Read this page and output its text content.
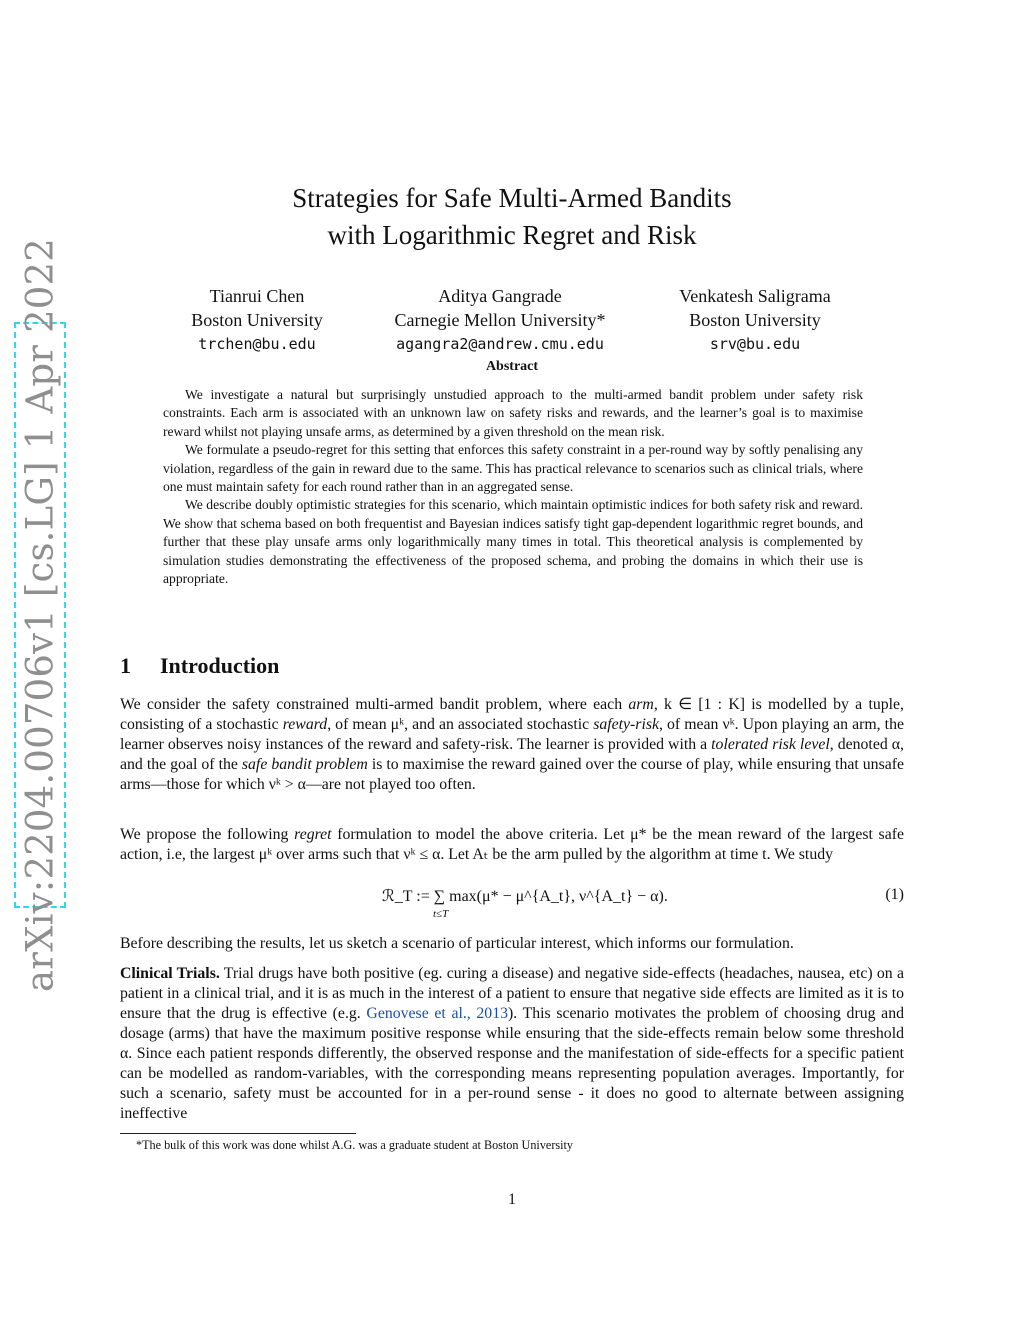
arXiv:2204.00706v1 [cs.LG] 1 Apr 2022
Strategies for Safe Multi-Armed Bandits
with Logarithmic Regret and Risk
Tianrui Chen
Boston University
trchen@bu.edu
Aditya Gangrade
Carnegie Mellon University*
agangra2@andrew.cmu.edu
Venkatesh Saligrama
Boston University
srv@bu.edu
Abstract

We investigate a natural but surprisingly unstudied approach to the multi-armed bandit problem under safety risk constraints. Each arm is associated with an unknown law on safety risks and rewards, and the learner’s goal is to maximise reward whilst not playing unsafe arms, as determined by a given threshold on the mean risk.

We formulate a pseudo-regret for this setting that enforces this safety constraint in a per-round way by softly penalising any violation, regardless of the gain in reward due to the same. This has practical relevance to scenarios such as clinical trials, where one must maintain safety for each round rather than in an aggregated sense.

We describe doubly optimistic strategies for this scenario, which maintain optimistic indices for both safety risk and reward. We show that schema based on both frequentist and Bayesian indices satisfy tight gap-dependent logarithmic regret bounds, and further that these play unsafe arms only logarithmically many times in total. This theoretical analysis is complemented by simulation studies demonstrating the effectiveness of the proposed schema, and probing the domains in which their use is appropriate.

1 Introduction

We consider the safety constrained multi-armed bandit problem, where each arm, k ∈ [1 : K] is modelled by a tuple, consisting of a stochastic reward, of mean μᵏ, and an associated stochastic safety-risk, of mean νᵏ. Upon playing an arm, the learner observes noisy instances of the reward and safety-risk. The learner is provided with a tolerated risk level, denoted α, and the goal of the safe bandit problem is to maximise the reward gained over the course of play, while ensuring that unsafe arms—those for which νᵏ > α—are not played too often.

We propose the following regret formulation to model the above criteria. Let μ* be the mean reward of the largest safe action, i.e, the largest μᵏ over arms such that νᵏ ≤ α. Let Aₜ be the arm pulled by the algorithm at time t. We study

ℛ_T := ∑ max(μ* − μ^{A_t}, ν^{A_t} − α).
t≤T
(1)

Before describing the results, let us sketch a scenario of particular interest, which informs our formulation.

Clinical Trials. Trial drugs have both positive (eg. curing a disease) and negative side-effects (headaches, nausea, etc) on a patient in a clinical trial, and it is as much in the interest of a patient to ensure that negative side effects are limited as it is to ensure that the drug is effective (e.g. Genovese et al., 2013). This scenario motivates the problem of choosing drug and dosage (arms) that have the maximum positive response while ensuring that the side-effects remain below some threshold α. Since each patient responds differently, the observed response and the manifestation of side-effects for a specific patient can be modelled as random-variables, with the corresponding means representing population averages. Importantly, for such a scenario, safety must be accounted for in a per-round sense - it does no good to alternate between assigning ineffective

*The bulk of this work was done whilst A.G. was a graduate student at Boston University
1
